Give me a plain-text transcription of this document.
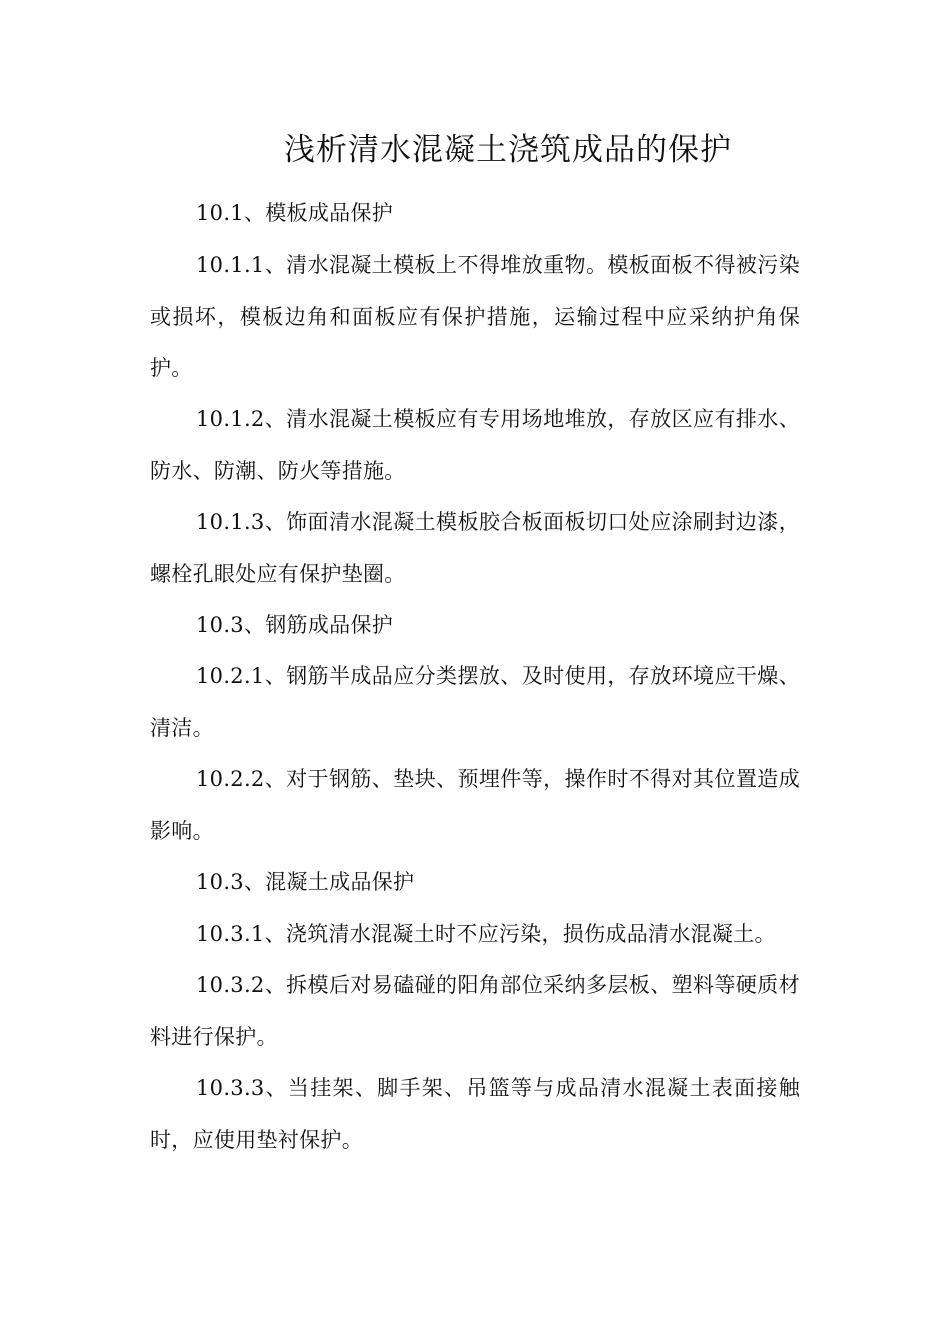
浅析清水混凝土浇筑成品的保护

10.1、模板成品保护

10.1.1、清水混凝土模板上不得堆放重物。模板面板不得被污染或损坏，模板边角和面板应有保护措施，运输过程中应采纳护角保护。

10.1.2、清水混凝土模板应有专用场地堆放，存放区应有排水、防水、防潮、防火等措施。

10.1.3、饰面清水混凝土模板胶合板面板切口处应涂刷封边漆，螺栓孔眼处应有保护垫圈。

10.3、钢筋成品保护

10.2.1、钢筋半成品应分类摆放、及时使用，存放环境应干燥、清洁。

10.2.2、对于钢筋、垫块、预埋件等，操作时不得对其位置造成影响。

10.3、混凝土成品保护

10.3.1、浇筑清水混凝土时不应污染，损伤成品清水混凝土。

10.3.2、拆模后对易磕碰的阳角部位采纳多层板、塑料等硬质材料进行保护。

10.3.3、当挂架、脚手架、吊篮等与成品清水混凝土表面接触时，应使用垫衬保护。
